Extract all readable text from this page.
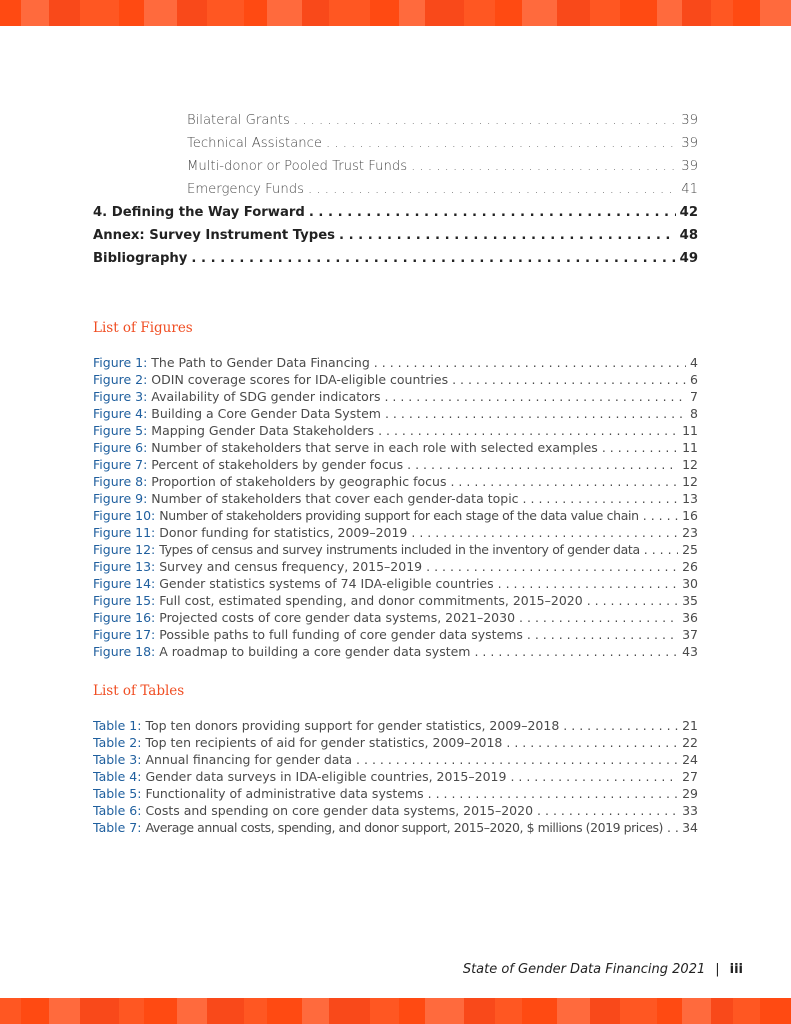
Bilateral Grants . . .	39
Technical Assistance . . .	39
Multi-donor or Pooled Trust Funds . . .	39
Emergency Funds . . .	41
4. Defining the Way Forward . . .	42
Annex: Survey Instrument Types . . .	48
Bibliography . . .	49
List of Figures
Figure 1: The Path to Gender Data Financing . . .	4
Figure 2: ODIN coverage scores for IDA-eligible countries . . .	6
Figure 3: Availability of SDG gender indicators . . .	7
Figure 4: Building a Core Gender Data System . . .	8
Figure 5: Mapping Gender Data Stakeholders . . .	11
Figure 6: Number of stakeholders that serve in each role with selected examples . . .	11
Figure 7: Percent of stakeholders by gender focus . . .	12
Figure 8: Proportion of stakeholders by geographic focus . . .	12
Figure 9: Number of stakeholders that cover each gender-data topic . . .	13
Figure 10: Number of stakeholders providing support for each stage of the data value chain . . .	16
Figure 11: Donor funding for statistics, 2009–2019 . . .	23
Figure 12: Types of census and survey instruments included in the inventory of gender data . . .	25
Figure 13: Survey and census frequency, 2015–2019 . . .	26
Figure 14: Gender statistics systems of 74 IDA-eligible countries . . .	30
Figure 15: Full cost, estimated spending, and donor commitments, 2015–2020 . . .	35
Figure 16: Projected costs of core gender data systems, 2021–2030 . . .	36
Figure 17: Possible paths to full funding of core gender data systems . . .	37
Figure 18: A roadmap to building a core gender data system . . .	43
List of Tables
Table 1: Top ten donors providing support for gender statistics, 2009–2018 . . .	21
Table 2: Top ten recipients of aid for gender statistics, 2009–2018 . . .	22
Table 3: Annual financing for gender data . . .	24
Table 4: Gender data surveys in IDA-eligible countries, 2015–2019 . . .	27
Table 5: Functionality of administrative data systems . . .	29
Table 6: Costs and spending on core gender data systems, 2015–2020 . . .	33
Table 7: Average annual costs, spending, and donor support, 2015–2020, $ millions (2019 prices) . . .	34
State of Gender Data Financing 2021 | iii
